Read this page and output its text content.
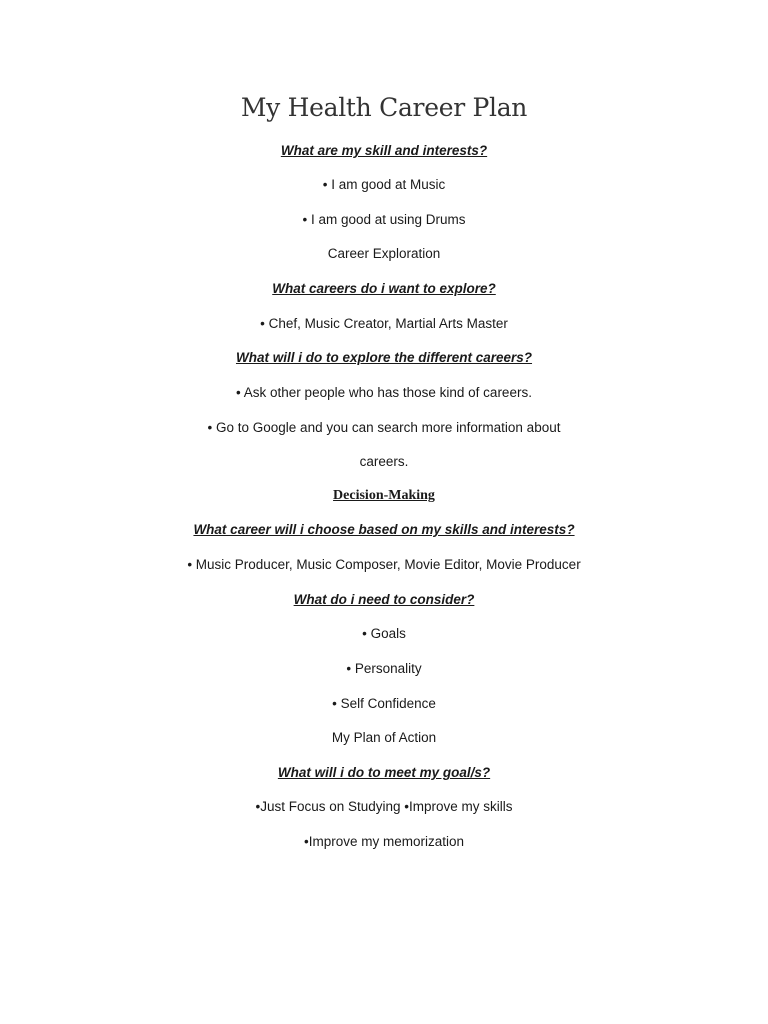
My Health Career Plan
What are my skill and interests?
• I am good at Music
• I am good at using Drums
Career Exploration
What careers do i want to explore?
• Chef, Music Creator, Martial Arts Master
What will i do to explore the different careers?
• Ask other people who has those kind of careers.
• Go to Google and you can search more information about
careers.
Decision-Making
What career will i choose based on my skills and interests?
• Music Producer, Music Composer, Movie Editor, Movie Producer
What do i need to consider?
• Goals
• Personality
• Self Confidence
My Plan of Action
What will i do to meet my goal/s?
•Just Focus on Studying •Improve my skills
•Improve my memorization
